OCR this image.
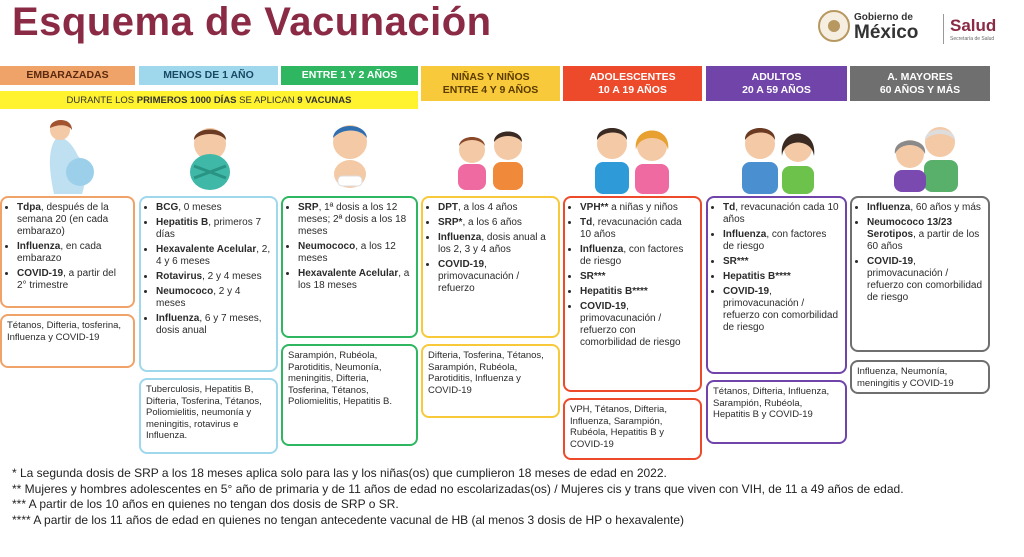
Esquema de Vacunación	Gobierno de
México Salud
Secretaría de Salud
EMBARAZADAS	MENOS DE 1 AÑO	ENTRE 1 Y 2 AÑOS	NIÑAS Y NIÑOS
ENTRE 4 Y 9 AÑOS
ADOLESCENTES
10 A 19 AÑOS
ADULTOS
20 A 59 AÑOS
A. MAYORES
60 AÑOS Y MÁS
DURANTE LOS PRIMEROS 1000 DÍAS SE APLICAN 9 VACUNAS
• Tdpa, después de la semana 20 (en cada embarazo)
• Influenza, en cada embarazo
• COVID-19, a partir del 2° trimestre
Tétanos, Difteria, tosferina, Influenza y COVID-19
• BCG, 0 meses
• Hepatitis B, primeros 7 días
• Hexavalente Acelular, 2, 4 y 6 meses
• Rotavirus, 2 y 4 meses
• Neumococo, 2 y 4 meses
• Influenza, 6 y 7 meses, dosis anual
Tuberculosis, Hepatitis B, Difteria, Tosferina, Tétanos, Poliomielitis, neumonía y meningitis, rotavirus e Influenza.
• SRP, 1ª dosis a los 12 meses; 2ª dosis a los 18 meses
• Neumococo, a los 12 meses
• Hexavalente Acelular, a los 18 meses
Sarampión, Rubéola, Parotiditis, Neumonía, meningitis, Difteria, Tosferina, Tétanos, Poliomielitis, Hepatitis B.
• DPT, a los 4 años
• SRP*, a los 6 años
• Influenza, dosis anual a los 2, 3 y 4 años
• COVID-19, primovacunación / refuerzo
Difteria, Tosferina, Tétanos, Sarampión, Rubéola, Parotiditis, Influenza y COVID-19
• VPH** a niñas y niños
• Td, revacunación cada 10 años
• Influenza, con factores de riesgo
• SR***
• Hepatitis B****
• COVID-19, primovacunación / refuerzo con comorbilidad de riesgo
VPH, Tétanos, Difteria, Influenza, Sarampión, Rubéola, Hepatitis B y COVID-19
• Td, revacunación cada 10 años
• Influenza, con factores de riesgo
• SR***
• Hepatitis B****
• COVID-19, primovacunación / refuerzo con comorbilidad de riesgo
Tétanos, Difteria, Influenza, Sarampión, Rubéola, Hepatitis B y COVID-19
• Influenza, 60 años y más
• Neumococo 13/23 Serotipos, a partir de los 60 años
• COVID-19, primovacunación / refuerzo con comorbilidad de riesgo
Influenza, Neumonía, meningitis y COVID-19

* La segunda dosis de SRP a los 18 meses aplica solo para las y los niñas(os) que cumplieron 18 meses de edad en 2022.

** Mujeres y hombres adolescentes en 5° año de primaria y de 11 años de edad no escolarizadas(os) / Mujeres cis y trans que viven con VIH, de 11 a 49 años de edad.

*** A partir de los 10 años en quienes no tengan dos dosis de SRP o SR.

**** A partir de los 11 años de edad en quienes no tengan antecedente vacunal de HB (al menos 3 dosis de HP o hexavalente)
